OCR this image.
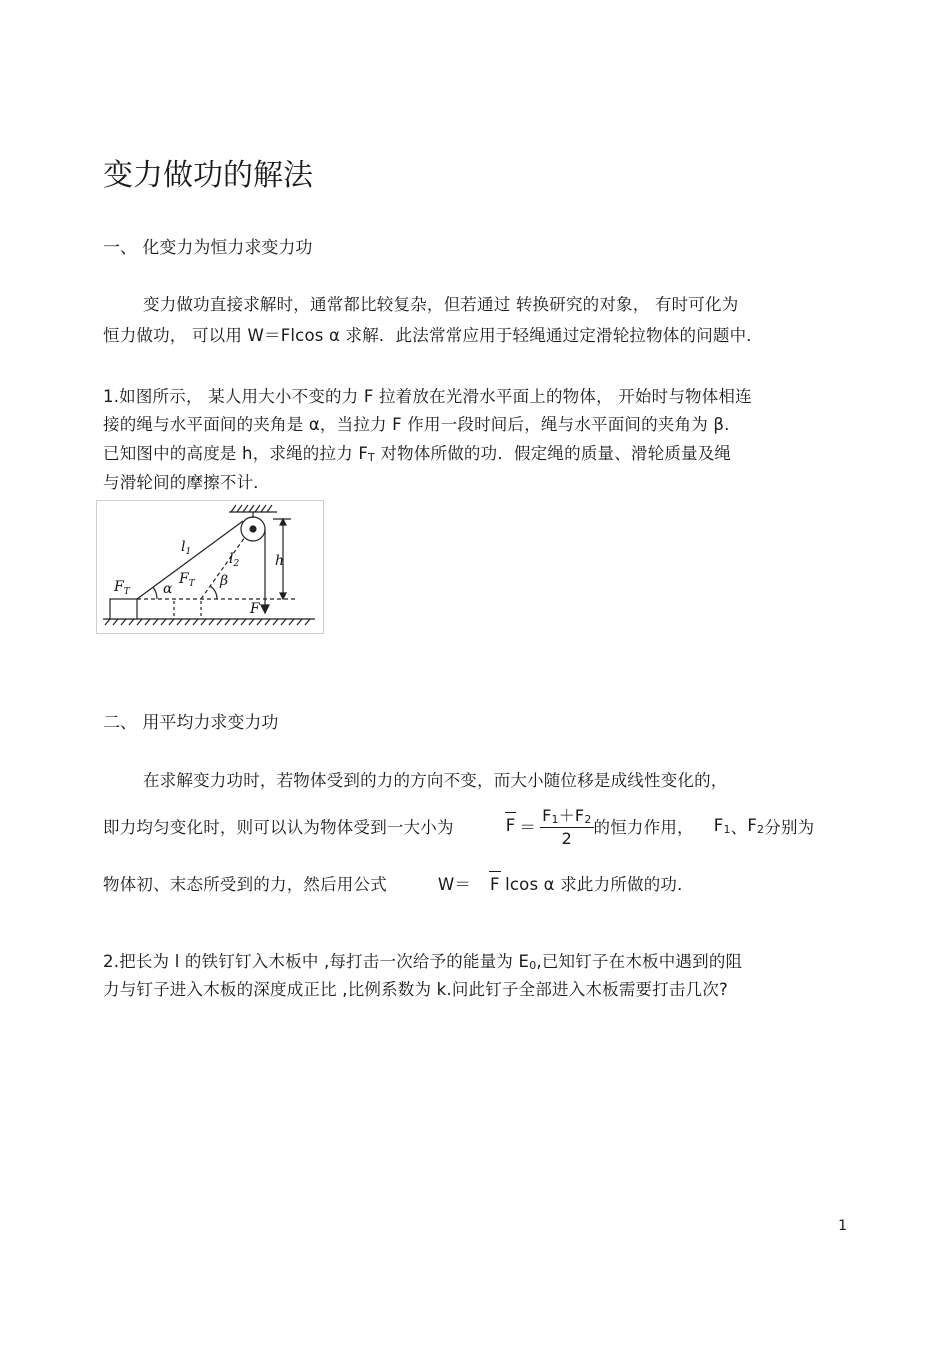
变力做功的解法
一、 化变力为恒力求变力功
变力做功直接求解时，通常都比较复杂，但若通过 转换研究的对象， 有时可化为
恒力做功， 可以用 W＝Flcos α 求解．此法常常应用于轻绳通过定滑轮拉物体的问题中．
1.如图所示， 某人用大小不变的力 F 拉着放在光滑水平面上的物体， 开始时与物体相连
接的绳与水平面间的夹角是 α，当拉力 F 作用一段时间后，绳与水平面间的夹角为 β.
已知图中的高度是 h，求绳的拉力 $F_T$ 对物体所做的功．假定绳的质量、滑轮质量及绳
与滑轮间的摩擦不计．
$l_1$	$l_2$
$F_T$
$F_T$
α	β
h
F
二、 用平均力求变力功
在求解变力功时，若物体受到的力的方向不变，而大小随位移是成线性变化的，
即力均匀变化时，则可以认为物体受到一大小为	$F = \frac{F_1+F_2}{2}$ 的恒力作用， $F_1$ 、 $F_2$ 分别为
物体初、末态所受到的力，然后用公式	W＝ F lcos α 求此力所做的功．
2.把长为 l 的铁钉钉入木板中 ,每打击一次给予的能量为 $E_0$,已知钉子在木板中遇到的阻
力与钉子进入木板的深度成正比 ,比例系数为 k.问此钉子全部进入木板需要打击几次?
1
